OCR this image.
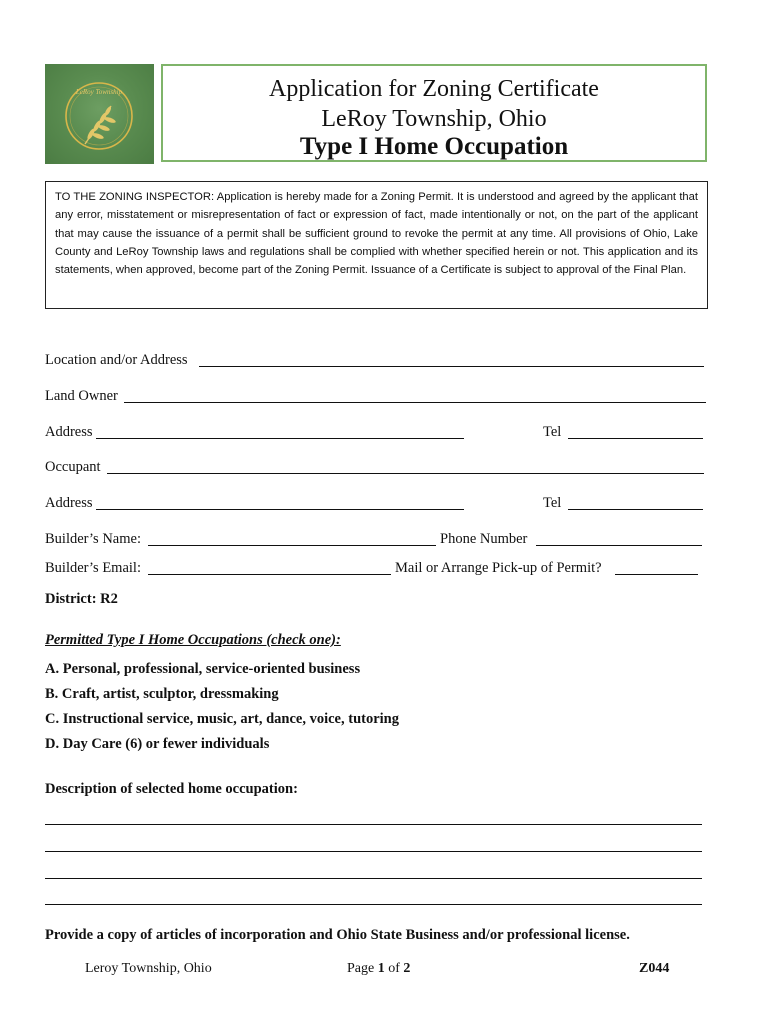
LeRoy Township	Application for Zoning Certificate
LeRoy Township, Ohio
Type I Home Occupation
TO THE ZONING INSPECTOR: Application is hereby made for a Zoning Permit. It is understood and agreed by the applicant that any error, misstatement or misrepresentation of fact or expression of fact, made intentionally or not, on the part of the applicant that may cause the issuance of a permit shall be sufficient ground to revoke the permit at any time. All provisions of Ohio, Lake County and LeRoy Township laws and regulations shall be complied with whether specified herein or not. This application and its statements, when approved, become part of the Zoning Permit. Issuance of a Certificate is subject to approval of the Final Plan.
Location and/or Address
Land Owner
Address	Tel
Occupant
Address	Tel
Builder’s Name:	Phone Number
Builder’s Email:	Mail or Arrange Pick-up of Permit?
District: R2
Permitted Type I Home Occupations (check one):
A. Personal, professional, service-oriented business
B. Craft, artist, sculptor, dressmaking
C. Instructional service, music, art, dance, voice, tutoring
D. Day Care (6) or fewer individuals
Description of selected home occupation:
Provide a copy of articles of incorporation and Ohio State Business and/or professional license.
Leroy Township, Ohio	Page 1 of 2	Z044
